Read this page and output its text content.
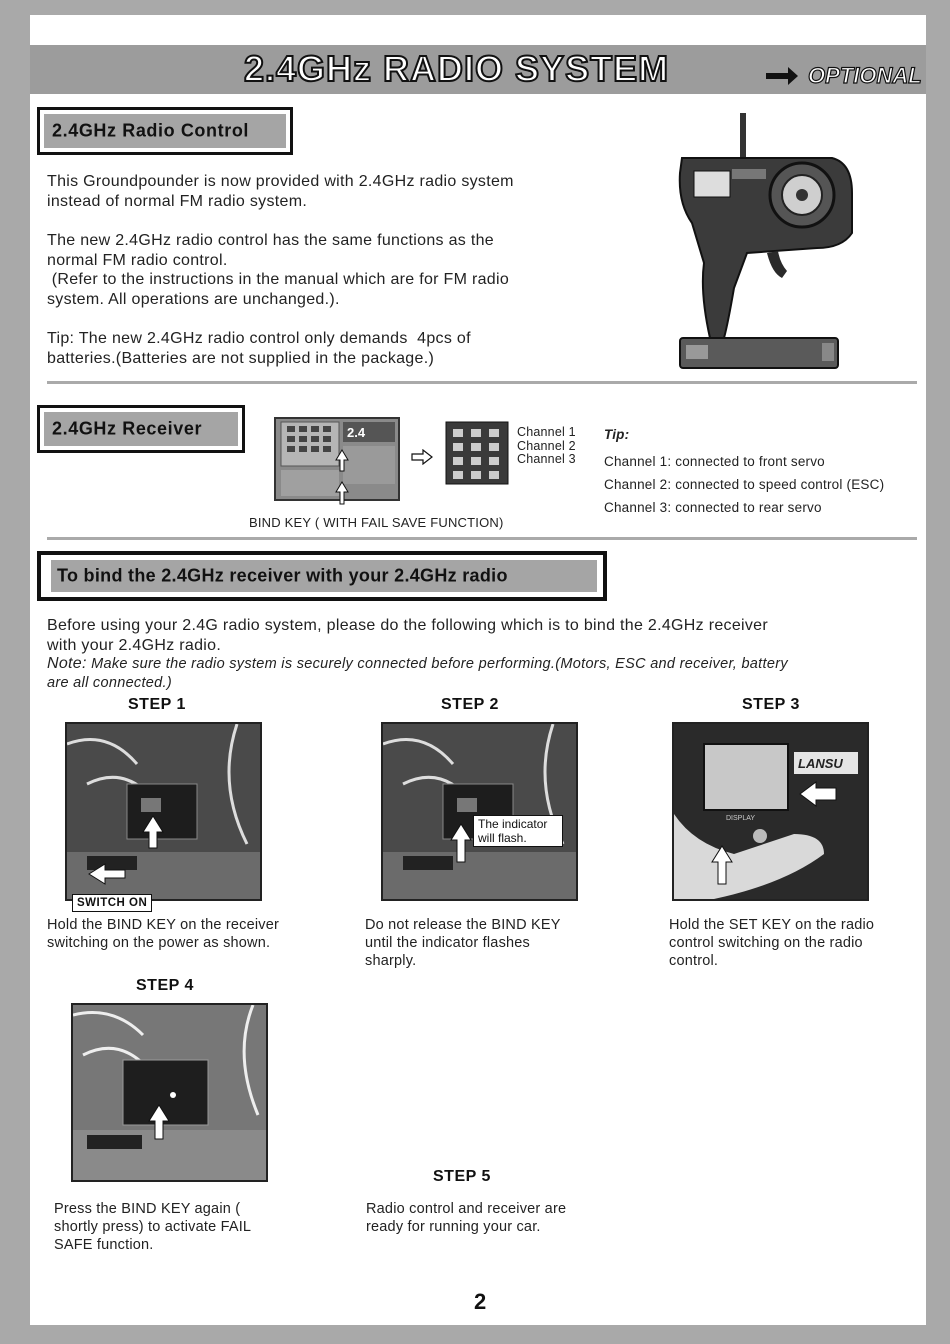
2.4GHz RADIO SYSTEM	OPTIONAL
2.4GHz Radio Control
This Groundpounder is now provided with 2.4GHz radio system
instead of normal FM radio system.
The new 2.4GHz radio control has the same functions as the
normal FM radio control.
(Refer to the instructions in the manual which are for FM radio
system. All operations are unchanged.).
Tip: The new 2.4GHz radio control only demands  4pcs of
batteries.(Batteries are not supplied in the package.)
2.4GHz Receiver	2.4	Channel 1
Channel 2
Channel 3
BIND KEY ( WITH FAIL SAVE FUNCTION)
Tip:
Channel 1: connected to front servo
Channel 2: connected to speed control (ESC)
Channel 3: connected to rear servo
To bind the 2.4GHz receiver with your 2.4GHz radio
Before using your 2.4G radio system, please do the following which is to bind the 2.4GHz receiver
with your 2.4GHz radio.
Note: Make sure the radio system is securely connected before performing.(Motors, ESC and receiver, battery
are all connected.)
STEP 1
SWITCH ON
Hold the BIND KEY on the receiver
switching on the power as shown.
STEP 2
The indicator will flash.
Do not release the BIND KEY
until the indicator flashes
sharply.
STEP 3
LANSU
DISPLAY
Hold the SET KEY on the radio
control switching on the radio
control.
STEP 4
Press the BIND KEY again (
shortly press) to activate FAIL
SAFE function.
STEP 5
Radio control and receiver are
ready for running your car.
2
